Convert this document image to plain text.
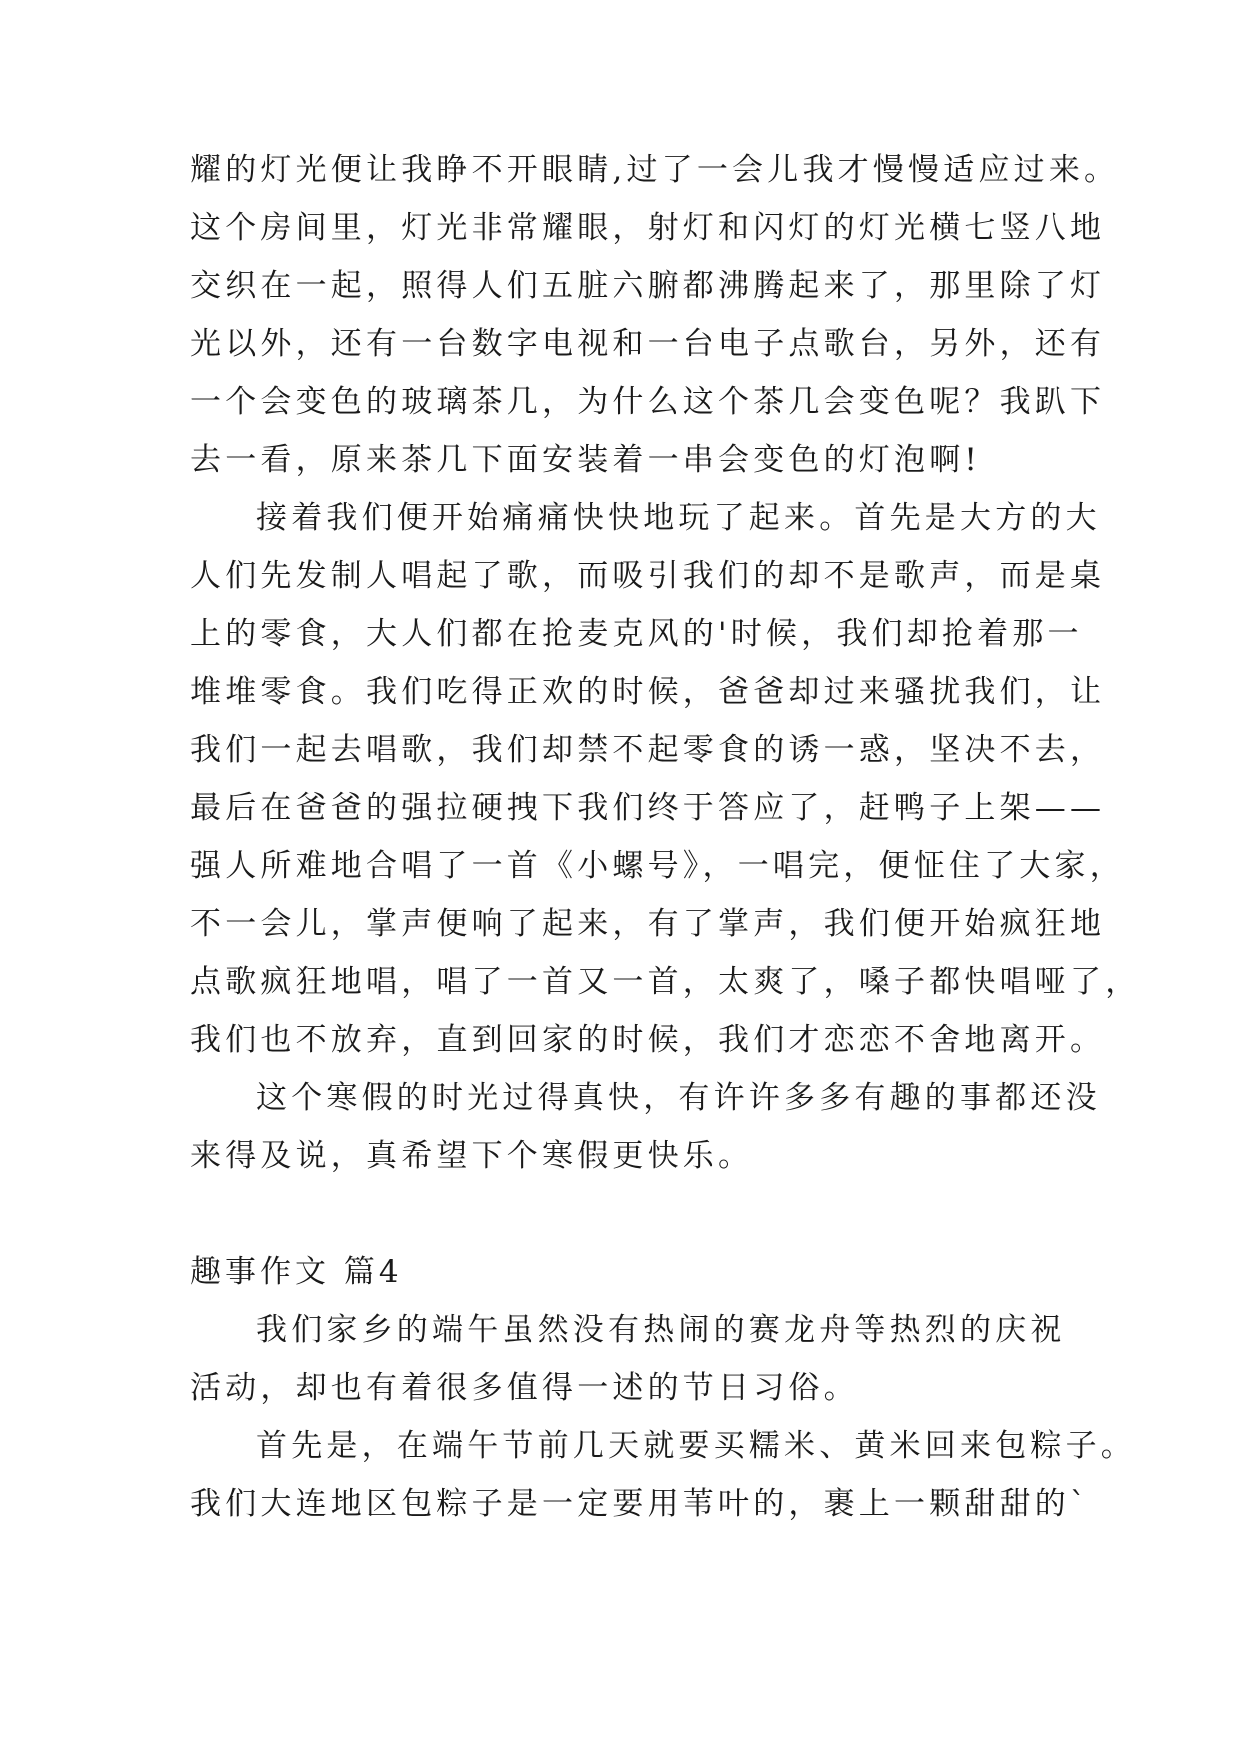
耀的灯光便让我睁不开眼睛,过了一会儿我才慢慢适应过来。
这个房间里，灯光非常耀眼，射灯和闪灯的灯光横七竖八地
交织在一起，照得人们五脏六腑都沸腾起来了，那里除了灯
光以外，还有一台数字电视和一台电子点歌台，另外，还有
一个会变色的玻璃茶几，为什么这个茶几会变色呢？我趴下
去一看，原来茶几下面安装着一串会变色的灯泡啊!
接着我们便开始痛痛快快地玩了起来。首先是大方的大
人们先发制人唱起了歌，而吸引我们的却不是歌声，而是桌
上的零食，大人们都在抢麦克风的'时候，我们却抢着那一
堆堆零食。我们吃得正欢的时候，爸爸却过来骚扰我们，让
我们一起去唱歌，我们却禁不起零食的诱一惑，坚决不去，
最后在爸爸的强拉硬拽下我们终于答应了，赶鸭子上架——
强人所难地合唱了一首《小螺号》，一唱完，便怔住了大家，
不一会儿，掌声便响了起来，有了掌声，我们便开始疯狂地
点歌疯狂地唱，唱了一首又一首，太爽了，嗓子都快唱哑了，
我们也不放弃，直到回家的时候，我们才恋恋不舍地离开。
这个寒假的时光过得真快，有许许多多有趣的事都还没
来得及说，真希望下个寒假更快乐。
趣事作文 篇4
我们家乡的端午虽然没有热闹的赛龙舟等热烈的庆祝
活动，却也有着很多值得一述的节日习俗。
首先是，在端午节前几天就要买糯米、黄米回来包粽子。
我们大连地区包粽子是一定要用苇叶的，裹上一颗甜甜的`
